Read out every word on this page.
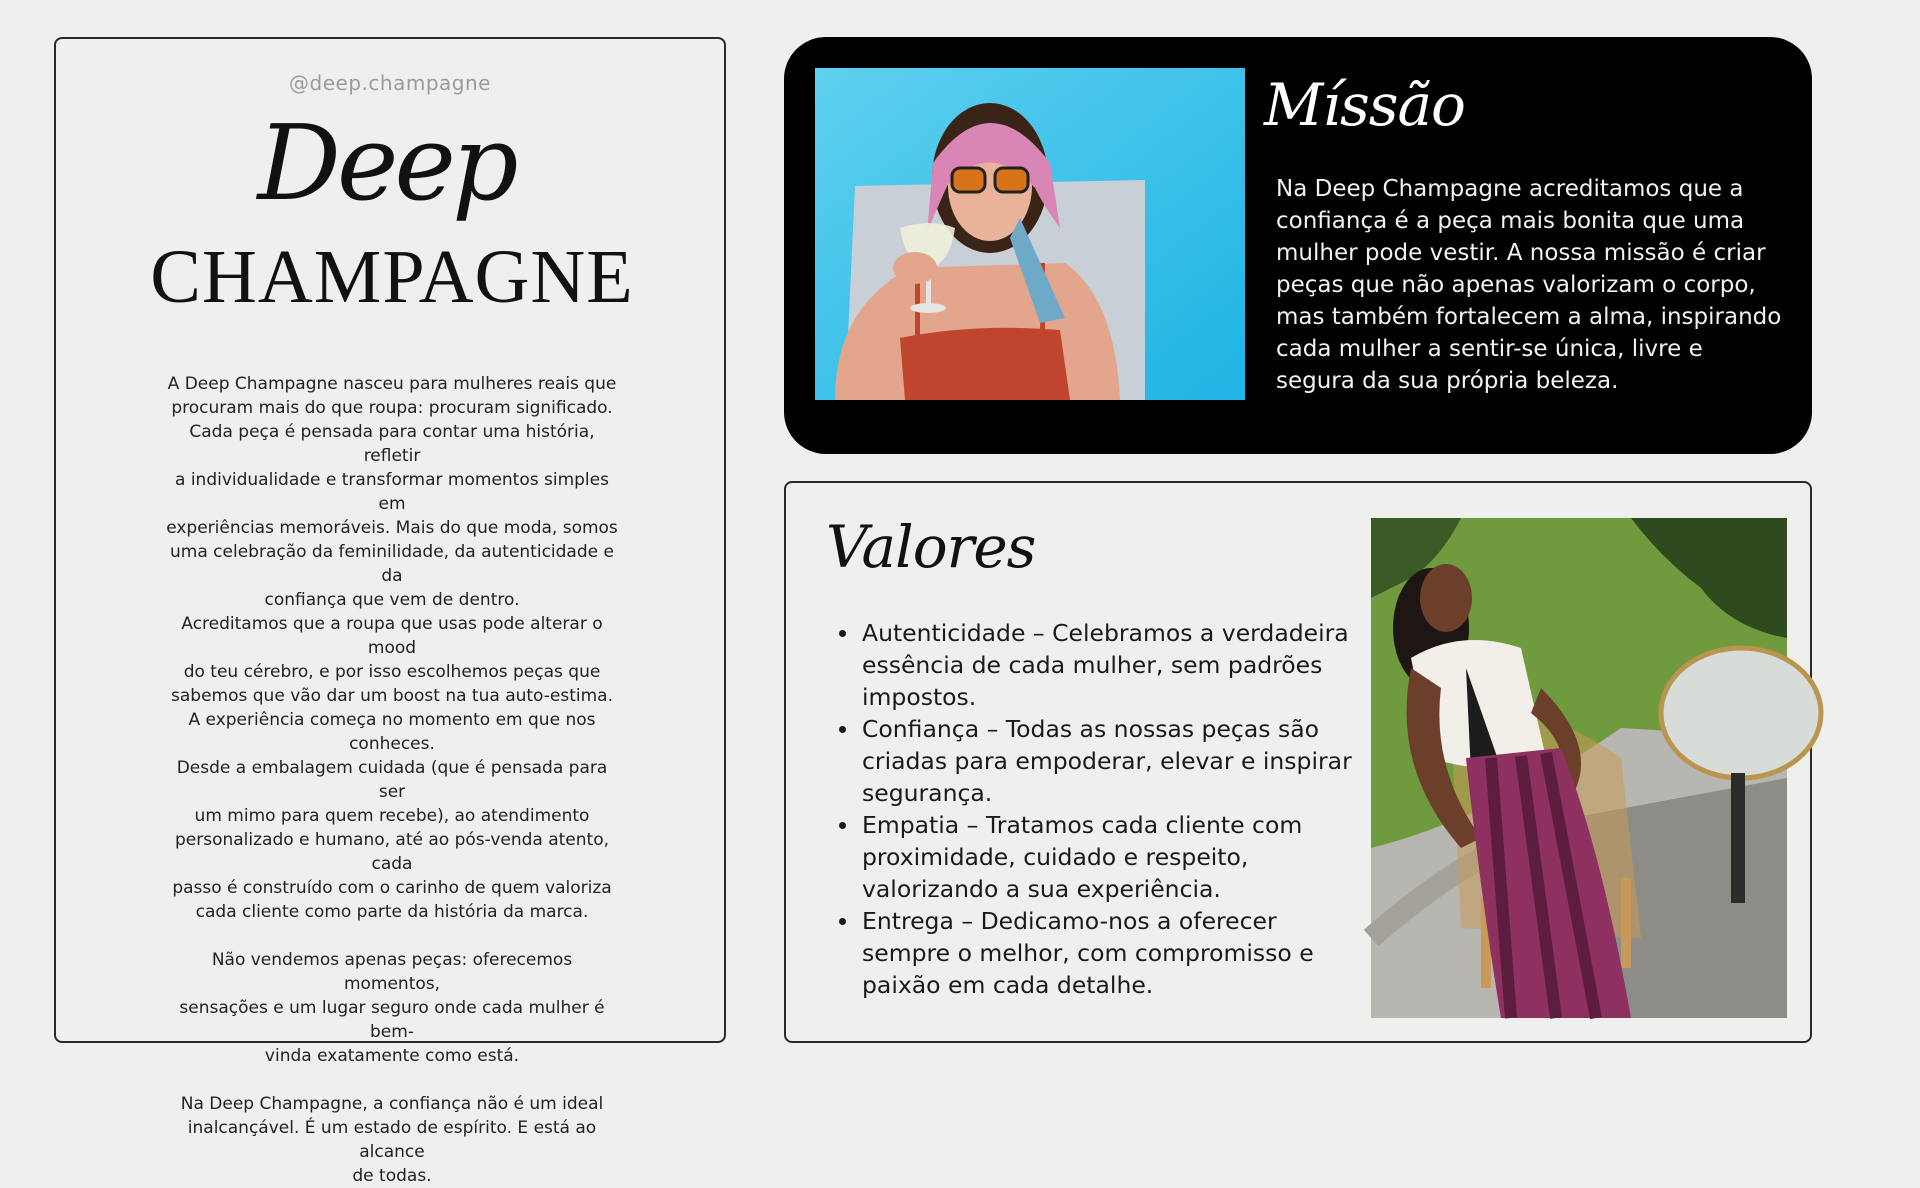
@deep.champagne
Deep
CHAMPAGNE

A Deep Champagne nasceu para mulheres reais que
procuram mais do que roupa: procuram significado.
Cada peça é pensada para contar uma história, refletir
a individualidade e transformar momentos simples em
experiências memoráveis. Mais do que moda, somos
uma celebração da feminilidade, da autenticidade e da
confiança que vem de dentro.
Acreditamos que a roupa que usas pode alterar o mood
do teu cérebro, e por isso escolhemos peças que
sabemos que vão dar um boost na tua auto-estima.
A experiência começa no momento em que nos
conheces.
Desde a embalagem cuidada (que é pensada para ser
um mimo para quem recebe), ao atendimento
personalizado e humano, até ao pós-venda atento, cada
passo é construído com o carinho de quem valoriza
cada cliente como parte da história da marca.

Não vendemos apenas peças: oferecemos momentos,
sensações e um lugar seguro onde cada mulher é bem-
vinda exatamente como está.

Na Deep Champagne, a confiança não é um ideal
inalcançável. É um estado de espírito. E está ao alcance
de todas.

Míssão
Na Deep Champagne acreditamos que a confiança é a peça mais bonita que uma mulher pode vestir. A nossa missão é criar peças que não apenas valorizam o corpo, mas também fortalecem a alma, inspirando cada mulher a sentir-se única, livre e segura da sua própria beleza.
Valores
Autenticidade – Celebramos a verdadeira essência de cada mulher, sem padrões impostos.
Confiança – Todas as nossas peças são criadas para empoderar, elevar e inspirar segurança.
Empatia – Tratamos cada cliente com proximidade, cuidado e respeito, valorizando a sua experiência.
Entrega – Dedicamo-nos a oferecer sempre o melhor, com compromisso e paixão em cada detalhe.
